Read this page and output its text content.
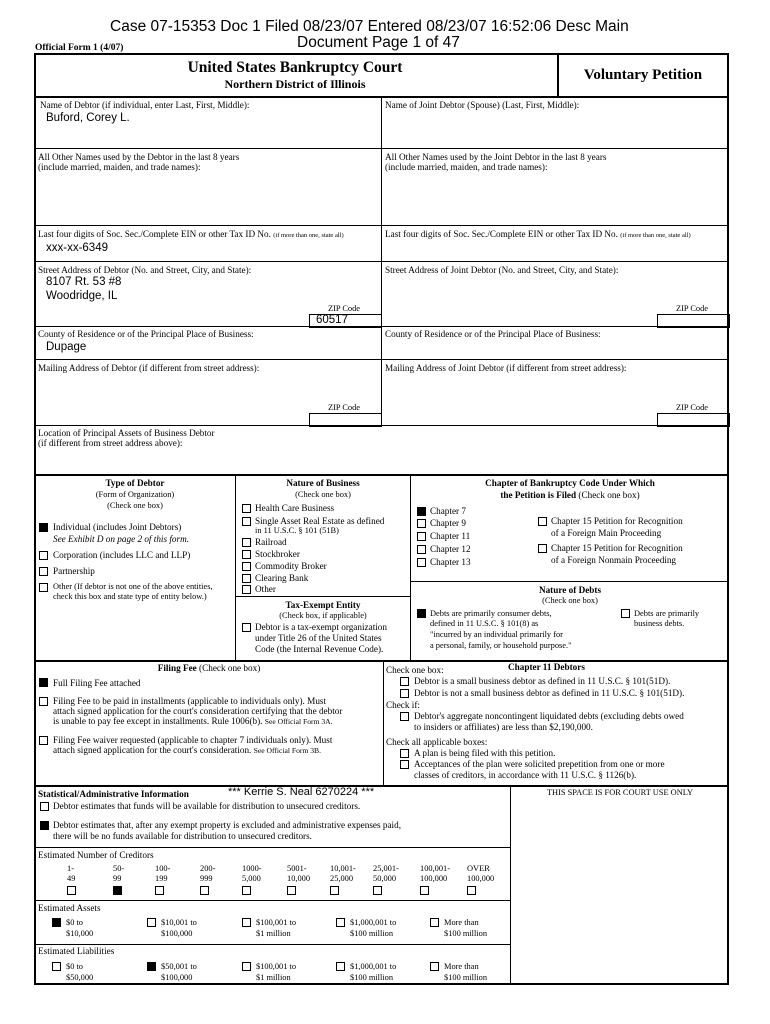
Case 07-15353 Doc 1 Filed 08/23/07 Entered 08/23/07 16:52:06 Desc Main
Document Page 1 of 47
Official Form 1 (4/07)
United States Bankruptcy Court
Northern District of Illinois
Voluntary Petition
Name of Debtor (if individual, enter Last, First, Middle):
Buford, Corey L.
Name of Joint Debtor (Spouse) (Last, First, Middle):
All Other Names used by the Debtor in the last 8 years
(include married, maiden, and trade names):
All Other Names used by the Joint Debtor in the last 8 years
(include married, maiden, and trade names):
Last four digits of Soc. Sec./Complete EIN or other Tax ID No. (if more than one, state all)
xxx-xx-6349
Last four digits of Soc. Sec./Complete EIN or other Tax ID No. (if more than one, state all)
Street Address of Debtor (No. and Street, City, and State):
8107 Rt. 53 #8
Woodridge, IL
ZIP Code
60517
Street Address of Joint Debtor (No. and Street, City, and State):
ZIP Code
County of Residence or of the Principal Place of Business:
Dupage
County of Residence or of the Principal Place of Business:
Mailing Address of Debtor (if different from street address):
ZIP Code
Mailing Address of Joint Debtor (if different from street address):
ZIP Code
Location of Principal Assets of Business Debtor
(if different from street address above):
Type of Debtor
(Form of Organization)
(Check one box)
Individual (includes Joint Debtors)
See Exhibit D on page 2 of this form.
Corporation (includes LLC and LLP)
Partnership
Other (If debtor is not one of the above entities,
check this box and state type of entity below.)
Nature of Business
(Check one box)
Health Care Business
Single Asset Real Estate as defined
in 11 U.S.C. § 101 (51B)
Railroad
Stockbroker
Commodity Broker
Clearing Bank
Other
Tax-Exempt Entity
(Check box, if applicable)
Debtor is a tax-exempt organization
under Title 26 of the United States
Code (the Internal Revenue Code).
Chapter of Bankruptcy Code Under Which
the Petition is Filed (Check one box)
Chapter 7
Chapter 9
Chapter 11
Chapter 12
Chapter 13
Chapter 15 Petition for Recognition
of a Foreign Main Proceeding
Chapter 15 Petition for Recognition
of a Foreign Nonmain Proceeding
Nature of Debts
(Check one box)
Debts are primarily consumer debts,
defined in 11 U.S.C. § 101(8) as
"incurred by an individual primarily for
a personal, family, or household purpose."
Debts are primarily
business debts.
Filing Fee (Check one box)
Full Filing Fee attached
Filing Fee to be paid in installments (applicable to individuals only). Must
attach signed application for the court's consideration certifying that the debtor
is unable to pay fee except in installments. Rule 1006(b). See Official Form 3A.
Filing Fee waiver requested (applicable to chapter 7 individuals only). Must
attach signed application for the court's consideration. See Official Form 3B.
Check one box:	Chapter 11 Debtors
Debtor is a small business debtor as defined in 11 U.S.C. § 101(51D).
Debtor is not a small business debtor as defined in 11 U.S.C. § 101(51D).
Check if:
Debtor's aggregate noncontingent liquidated debts (excluding debts owed
to insiders or affiliates) are less than $2,190,000.
Check all applicable boxes:
A plan is being filed with this petition.
Acceptances of the plan were solicited prepetition from one or more
classes of creditors, in accordance with 11 U.S.C. § 1126(b).
Statistical/Administrative Information	*** Kerrie S. Neal 6270224 ***	THIS SPACE IS FOR COURT USE ONLY
Debtor estimates that funds will be available for distribution to unsecured creditors.
Debtor estimates that, after any exempt property is excluded and administrative expenses paid,
there will be no funds available for distribution to unsecured creditors.
Estimated Number of Creditors
1-
49
50-
99
100-
199
200-
999
1000-
5,000
5001-
10,000
10,001-
25,000
25,001-
50,000
100,001-
100,000
OVER
100,000
Estimated Assets
$0 to
$10,000
$10,001 to
$100,000
$100,001 to
$1 million
$1,000,001 to
$100 million
More than
$100 million
Estimated Liabilities
$0 to
$50,000
$50,001 to
$100,000
$100,001 to
$1 million
$1,000,001 to
$100 million
More than
$100 million
